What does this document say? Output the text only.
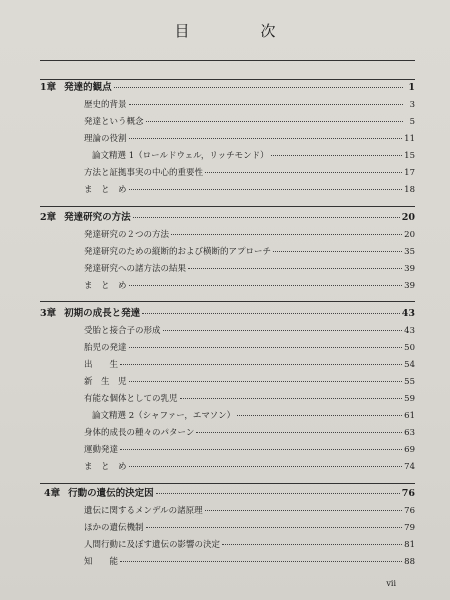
目　次
1章 発達的観点	1
歴史的背景	3
発達という概念	5
理論の役割	11
論文精選 1（ロールドウェル，リッチモンド）	15
方法と証拠事実の中心的重要性	17
ま　と　め	18
2章 発達研究の方法	20
発達研究の２つの方法	20
発達研究のための縦断的および横断的アプローチ	35
発達研究への諸方法の結果	39
ま　と　め	39
3章 初期の成長と発達	43
受胎と接合子の形成	43
胎児の発達	50
出　　生	54
新　生　児	55
有能な個体としての乳児	59
論文精選 2（シャファー，エマソン）	61
身体的成長の種々のパターン	63
運動発達	69
ま　と　め	74
4章 行動の遺伝的決定因	76
遺伝に関するメンデルの諸原理	76
ほかの遺伝機制	79
人間行動に及ぼす遺伝の影響の決定	81
知　　能	88
vii
